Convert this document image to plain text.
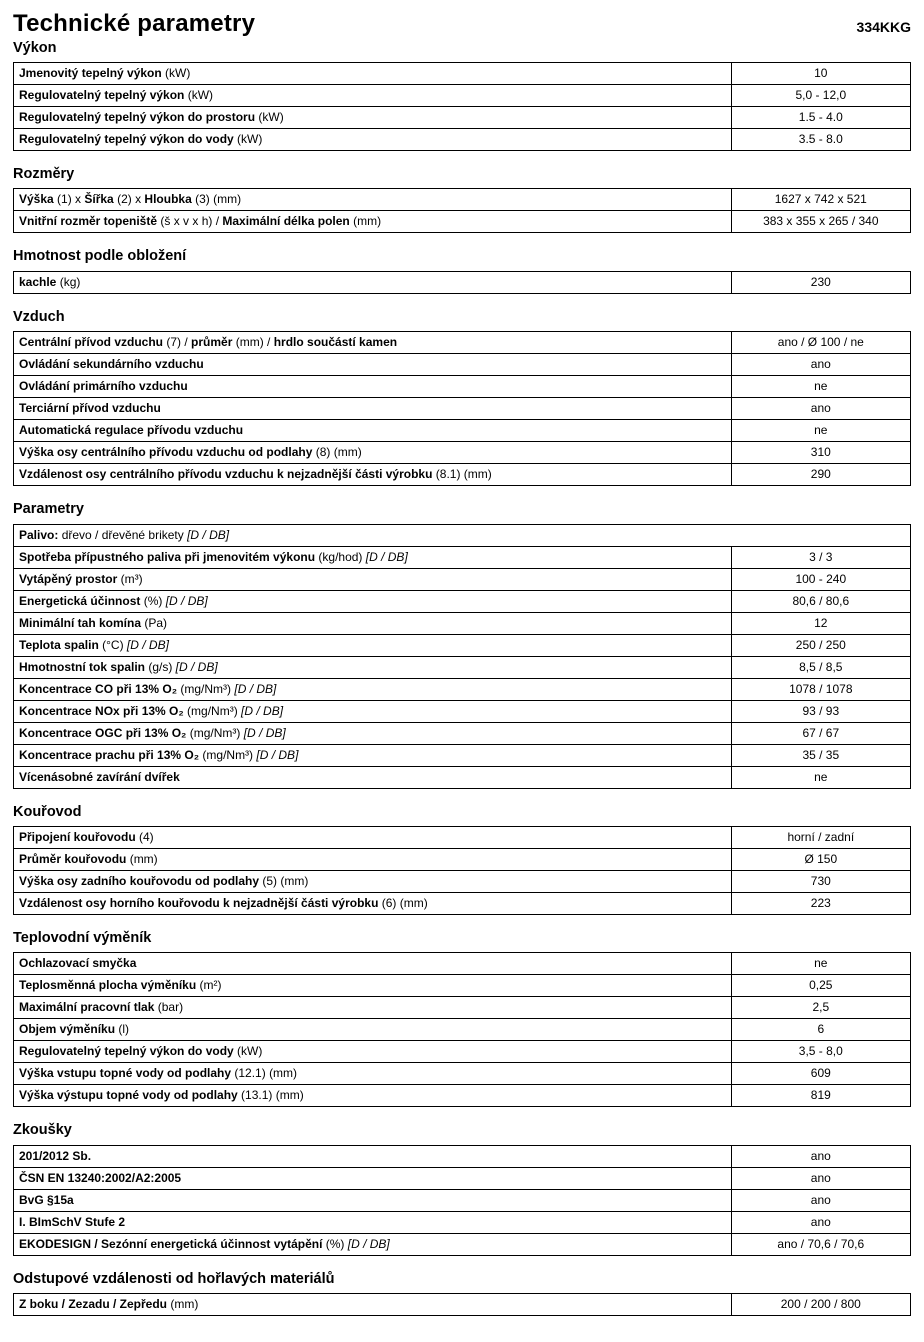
Technické parametry	334KKG
Výkon
Jmenovitý tepelný výkon (kW)	10
Regulovatelný tepelný výkon (kW)	5,0 - 12,0
Regulovatelný tepelný výkon do prostoru (kW)	1.5 - 4.0
Regulovatelný tepelný výkon do vody (kW)	3.5 - 8.0
Rozměry
Výška (1) x Šířka (2) x Hloubka (3) (mm)	1627 x 742 x 521
Vnitřní rozměr topeniště (š x v x h) / Maximální délka polen (mm)	383 x 355 x 265 / 340
Hmotnost podle obložení
kachle (kg)	230
Vzduch
Centrální přívod vzduchu (7) / průměr (mm) / hrdlo součástí kamen	ano / Ø 100 / ne
Ovládání sekundárního vzduchu	ano
Ovládání primárního vzduchu	ne
Terciární přívod vzduchu	ano
Automatická regulace přívodu vzduchu	ne
Výška osy centrálního přívodu vzduchu od podlahy (8) (mm)	310
Vzdálenost osy centrálního přívodu vzduchu k nejzadnější části výrobku (8.1) (mm)	290
Parametry
Palivo: dřevo / dřevěné brikety [D / DB]	
Spotřeba přípustného paliva při jmenovitém výkonu (kg/hod) [D / DB]	3 / 3
Vytápěný prostor (m³)	100 - 240
Energetická účinnost (%) [D / DB]	80,6 / 80,6
Minimální tah komína (Pa)	12
Teplota spalin (°C) [D / DB]	250 / 250
Hmotnostní tok spalin (g/s) [D / DB]	8,5 / 8,5
Koncentrace CO při 13% O₂ (mg/Nm³) [D / DB]	1078 / 1078
Koncentrace NOx při 13% O₂ (mg/Nm³) [D / DB]	93 / 93
Koncentrace OGC při 13% O₂ (mg/Nm³) [D / DB]	67 / 67
Koncentrace prachu při 13% O₂ (mg/Nm³) [D / DB]	35 / 35
Vícenásobné zavírání dvířek	ne
Kouřovod
Připojení kouřovodu (4)	horní / zadní
Průměr kouřovodu (mm)	Ø 150
Výška osy zadního kouřovodu od podlahy (5) (mm)	730
Vzdálenost osy horního kouřovodu k nejzadnější části výrobku (6) (mm)	223
Teplovodní výměník
Ochlazovací smyčka	ne
Teplosměnná plocha výměníku (m²)	0,25
Maximální pracovní tlak (bar)	2,5
Objem výměníku (l)	6
Regulovatelný tepelný výkon do vody (kW)	3,5 - 8,0
Výška vstupu topné vody od podlahy (12.1) (mm)	609
Výška výstupu topné vody od podlahy (13.1) (mm)	819
Zkoušky
201/2012 Sb.	ano
ČSN EN 13240:2002/A2:2005	ano
BvG §15a	ano
I. BImSchV Stufe 2	ano
EKODESIGN / Sezónní energetická účinnost vytápění (%) [D / DB]	ano / 70,6 / 70,6
Odstupové vzdálenosti od hořlavých materiálů
Z boku / Zezadu / Zepředu (mm)	200 / 200 / 800
